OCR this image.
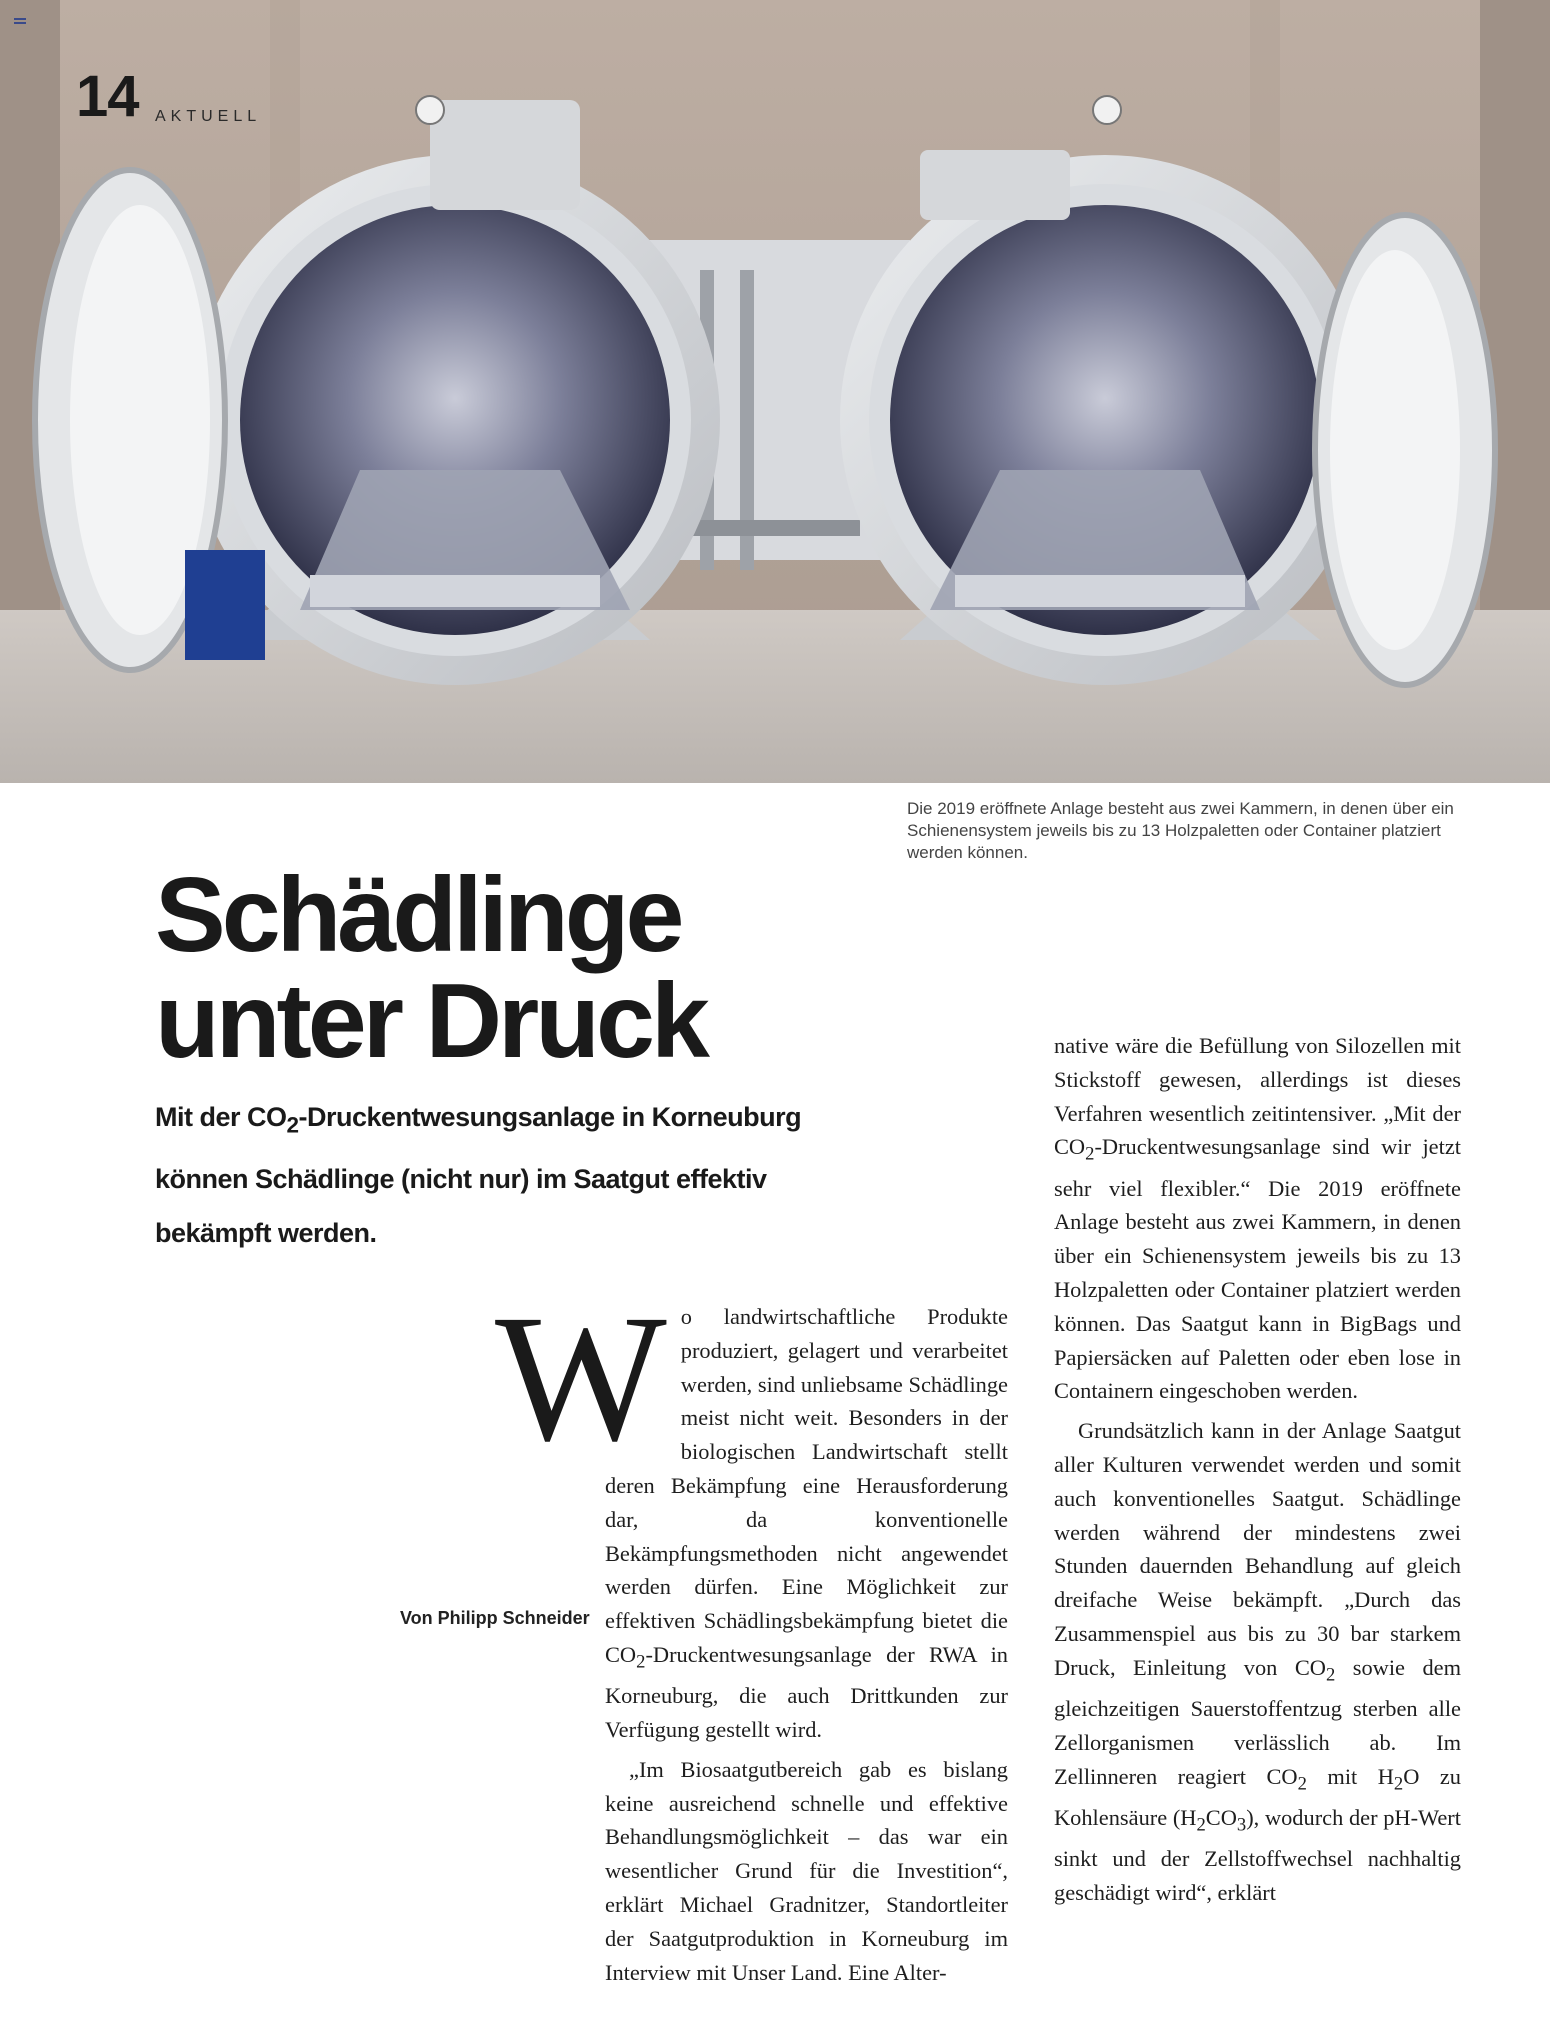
14 AKTUELL
Die 2019 eröffnete Anlage besteht aus zwei Kammern, in denen über ein Schienensystem jeweils bis zu 13 Holzpaletten oder Container platziert werden können.
Schädlinge
unter Druck
Mit der $CO_2$-Druckentwesungsanlage in Korneuburg können Schädlinge (nicht nur) im Saatgut effektiv bekämpft werden.
Von Philipp Schneider

Wo landwirtschaftliche Produkte produziert, gelagert und verarbeitet werden, sind unliebsame Schädlinge meist nicht weit. Besonders in der biologischen Landwirtschaft stellt deren Bekämpfung eine Herausforderung dar, da konventionelle Bekämpfungsmethoden nicht angewendet werden dürfen. Eine Möglichkeit zur effektiven Schädlingsbekämpfung bietet die $CO_2$-Druckentwesungsanlage der RWA in Korneuburg, die auch Drittkunden zur Verfügung gestellt wird.

„Im Biosaatgutbereich gab es bislang keine ausreichend schnelle und effektive Behandlungsmöglichkeit – das war ein wesentlicher Grund für die Investition“, erklärt Michael Gradnitzer, Standortleiter der Saatgutproduktion in Korneuburg im Interview mit Unser Land. Eine Alter-

native wäre die Befüllung von Silozellen mit Stickstoff gewesen, allerdings ist dieses Verfahren wesentlich zeitintensiver. „Mit der $CO_2$-Druckentwesungsanlage sind wir jetzt sehr viel flexibler.“ Die 2019 eröffnete Anlage besteht aus zwei Kammern, in denen über ein Schienensystem jeweils bis zu 13 Holzpaletten oder Container platziert werden können. Das Saatgut kann in BigBags und Papiersäcken auf Paletten oder eben lose in Containern eingeschoben werden.

Grundsätzlich kann in der Anlage Saatgut aller Kulturen verwendet werden und somit auch konventionelles Saatgut. Schädlinge werden während der mindestens zwei Stunden dauernden Behandlung auf gleich dreifache Weise bekämpft. „Durch das Zusammenspiel aus bis zu 30 bar starkem Druck, Einleitung von $CO_2$ sowie dem gleichzeitigen Sauerstoffentzug sterben alle Zellorganismen verlässlich ab. Im Zellinneren reagiert $CO_2$ mit $H_2O$ zu Kohlensäure $(H_2CO_3)$, wodurch der pH-Wert sinkt und der Zellstoffwechsel nachhaltig geschädigt wird“, erklärt
